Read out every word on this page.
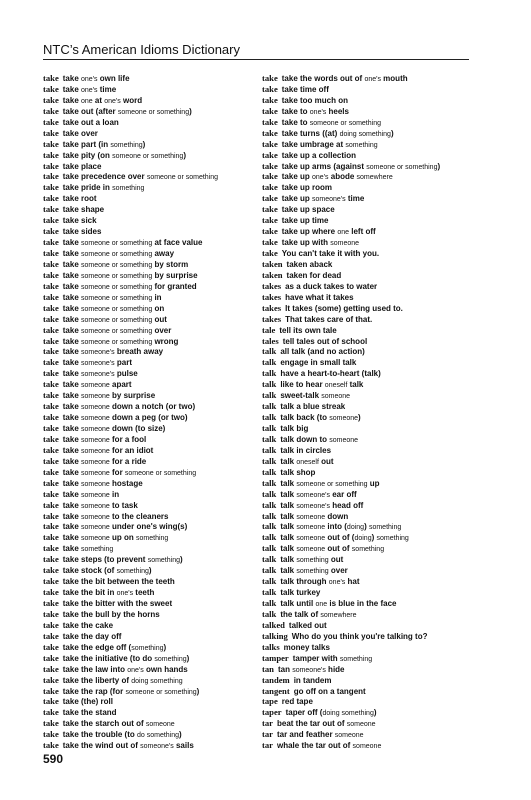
NTC’s American Idioms Dictionary
take take one's own life
take take one's time
take take one at one's word
take take out (after someone or something)
take take out a loan
take take over
take take part (in something)
take take pity (on someone or something)
take take place
take take precedence over someone or something
take take pride in something
take take root
take take shape
take take sick
take take sides
take take someone or something at face value
take take someone or something away
take take someone or something by storm
take take someone or something by surprise
take take someone or something for granted
take take someone or something in
take take someone or something on
take take someone or something out
take take someone or something over
take take someone or something wrong
take take someone's breath away
take take someone's part
take take someone's pulse
take take someone apart
take take someone by surprise
take take someone down a notch (or two)
take take someone down a peg (or two)
take take someone down (to size)
take take someone for a fool
take take someone for an idiot
take take someone for a ride
take take someone for someone or something
take take someone hostage
take take someone in
take take someone to task
take take someone to the cleaners
take take someone under one's wing(s)
take take someone up on something
take take something
take take steps (to prevent something)
take take stock (of something)
take take the bit between the teeth
take take the bit in one's teeth
take take the bitter with the sweet
take take the bull by the horns
take take the cake
take take the day off
take take the edge off (something)
take take the initiative (to do something)
take take the law into one's own hands
take take the liberty of doing something
take take the rap (for someone or something)
take take (the) roll
take take the stand
take take the starch out of someone
take take the trouble (to do something)
take take the wind out of someone's sails
take take the words out of one's mouth
take take time off
take take too much on
take take to one's heels
take take to someone or something
take take turns ((at) doing something)
take take umbrage at something
take take up a collection
take take up arms (against someone or something)
take take up one's abode somewhere
take take up room
take take up someone's time
take take up space
take take up time
take take up where one left off
take take up with someone
take You can't take it with you.
taken taken aback
taken taken for dead
takes as a duck takes to water
takes have what it takes
takes It takes (some) getting used to.
takes That takes care of that.
tale tell its own tale
tales tell tales out of school
talk all talk (and no action)
talk engage in small talk
talk have a heart-to-heart (talk)
talk like to hear oneself talk
talk sweet-talk someone
talk talk a blue streak
talk talk back (to someone)
talk talk big
talk talk down to someone
talk talk in circles
talk talk oneself out
talk talk shop
talk talk someone or something up
talk talk someone's ear off
talk talk someone's head off
talk talk someone down
talk talk someone into (doing) something
talk talk someone out of (doing) something
talk talk someone out of something
talk talk something out
talk talk something over
talk talk through one's hat
talk talk turkey
talk talk until one is blue in the face
talk the talk of somewhere
talked talked out
talking Who do you think you're talking to?
talks money talks
tamper tamper with something
tan tan someone's hide
tandem in tandem
tangent go off on a tangent
tape red tape
taper taper off (doing something)
tar beat the tar out of someone
tar tar and feather someone
tar whale the tar out of someone
590
